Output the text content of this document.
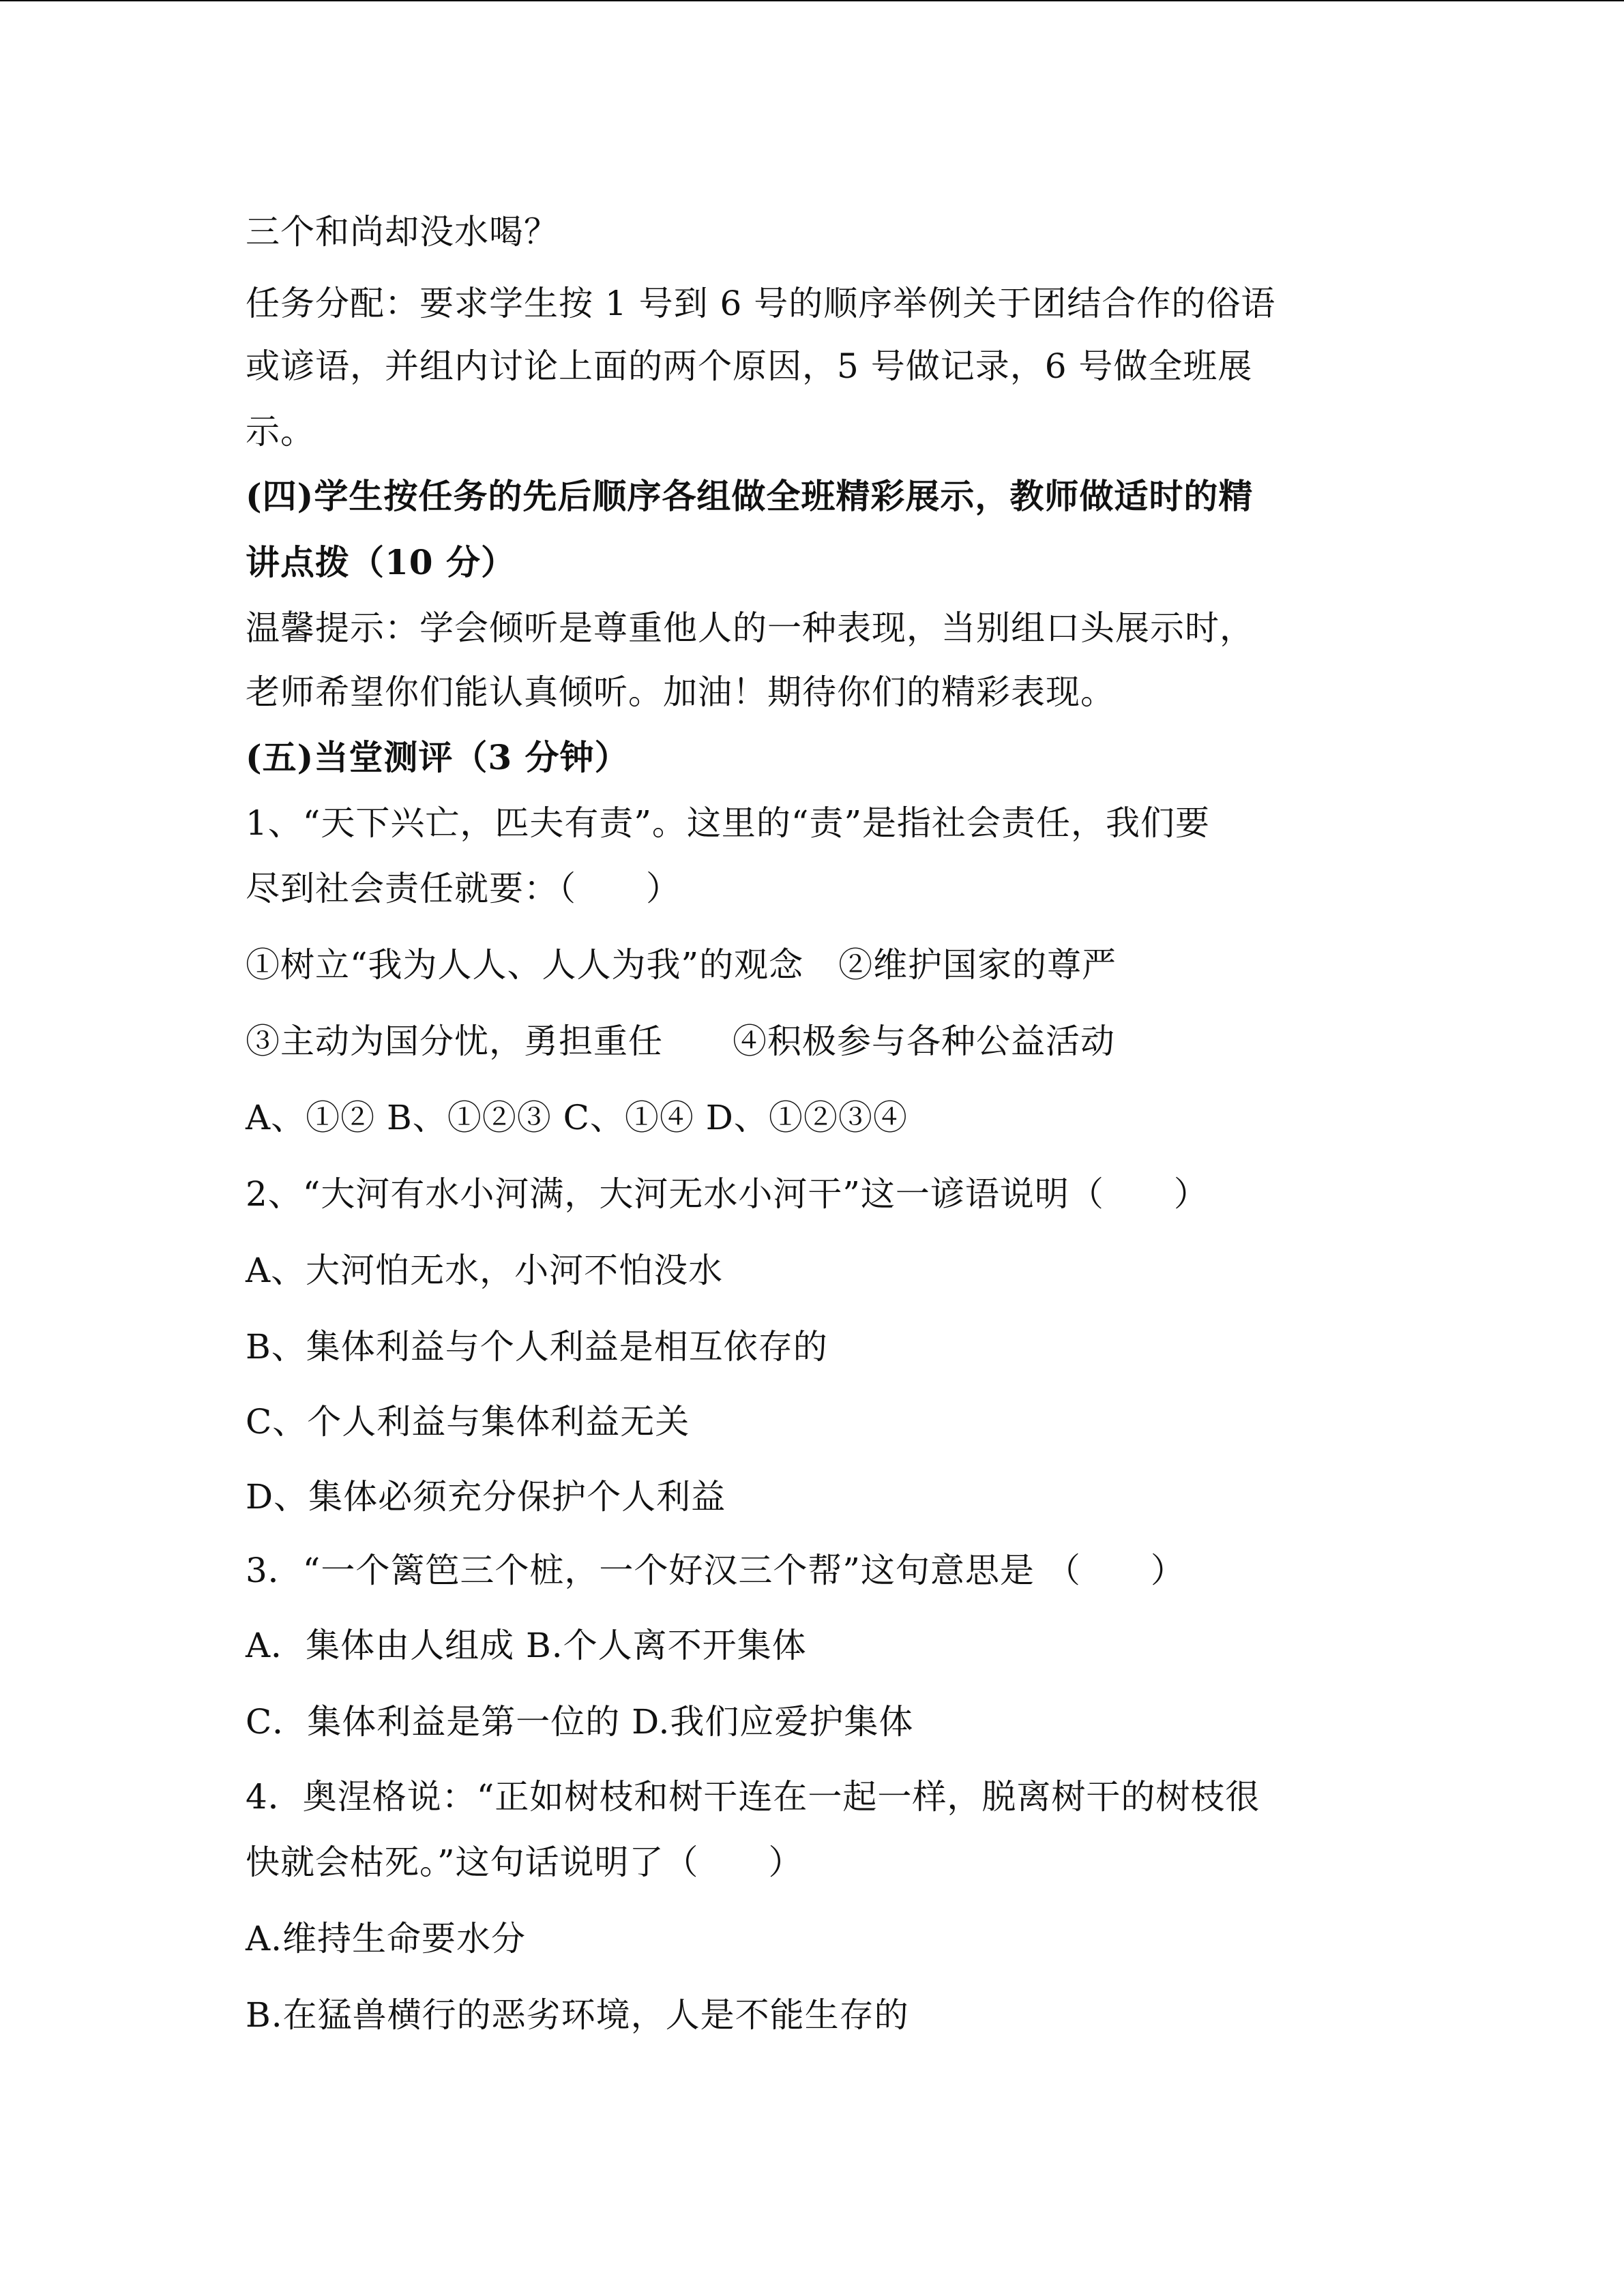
三个和尚却没水喝？
任务分配：要求学生按 1 号到 6 号的顺序举例关于团结合作的俗语
或谚语，并组内讨论上面的两个原因，5 号做记录，6 号做全班展
示。
(四)学生按任务的先后顺序各组做全班精彩展示，教师做适时的精
讲点拨（10 分）
温馨提示：学会倾听是尊重他人的一种表现，当别组口头展示时，
老师希望你们能认真倾听。加油！期待你们的精彩表现。
(五)当堂测评（3 分钟）
1、“天下兴亡，匹夫有责”。这里的“责”是指社会责任，我们要
尽到社会责任就要：（　　）
①树立“我为人人、人人为我”的观念　②维护国家的尊严
③主动为国分忧，勇担重任　　④积极参与各种公益活动
A、①② B、①②③ C、①④ D、①②③④
2、“大河有水小河满，大河无水小河干”这一谚语说明（　　）
A、大河怕无水，小河不怕没水
B、集体利益与个人利益是相互依存的
C、个人利益与集体利益无关
D、集体必须充分保护个人利益
3．“一个篱笆三个桩，一个好汉三个帮”这句意思是 （　　）
A．集体由人组成 B.个人离不开集体
C．集体利益是第一位的 D.我们应爱护集体
4．奥涅格说：“正如树枝和树干连在一起一样，脱离树干的树枝很
快就会枯死。”这句话说明了（　　）
A.维持生命要水分
B.在猛兽横行的恶劣环境，人是不能生存的
